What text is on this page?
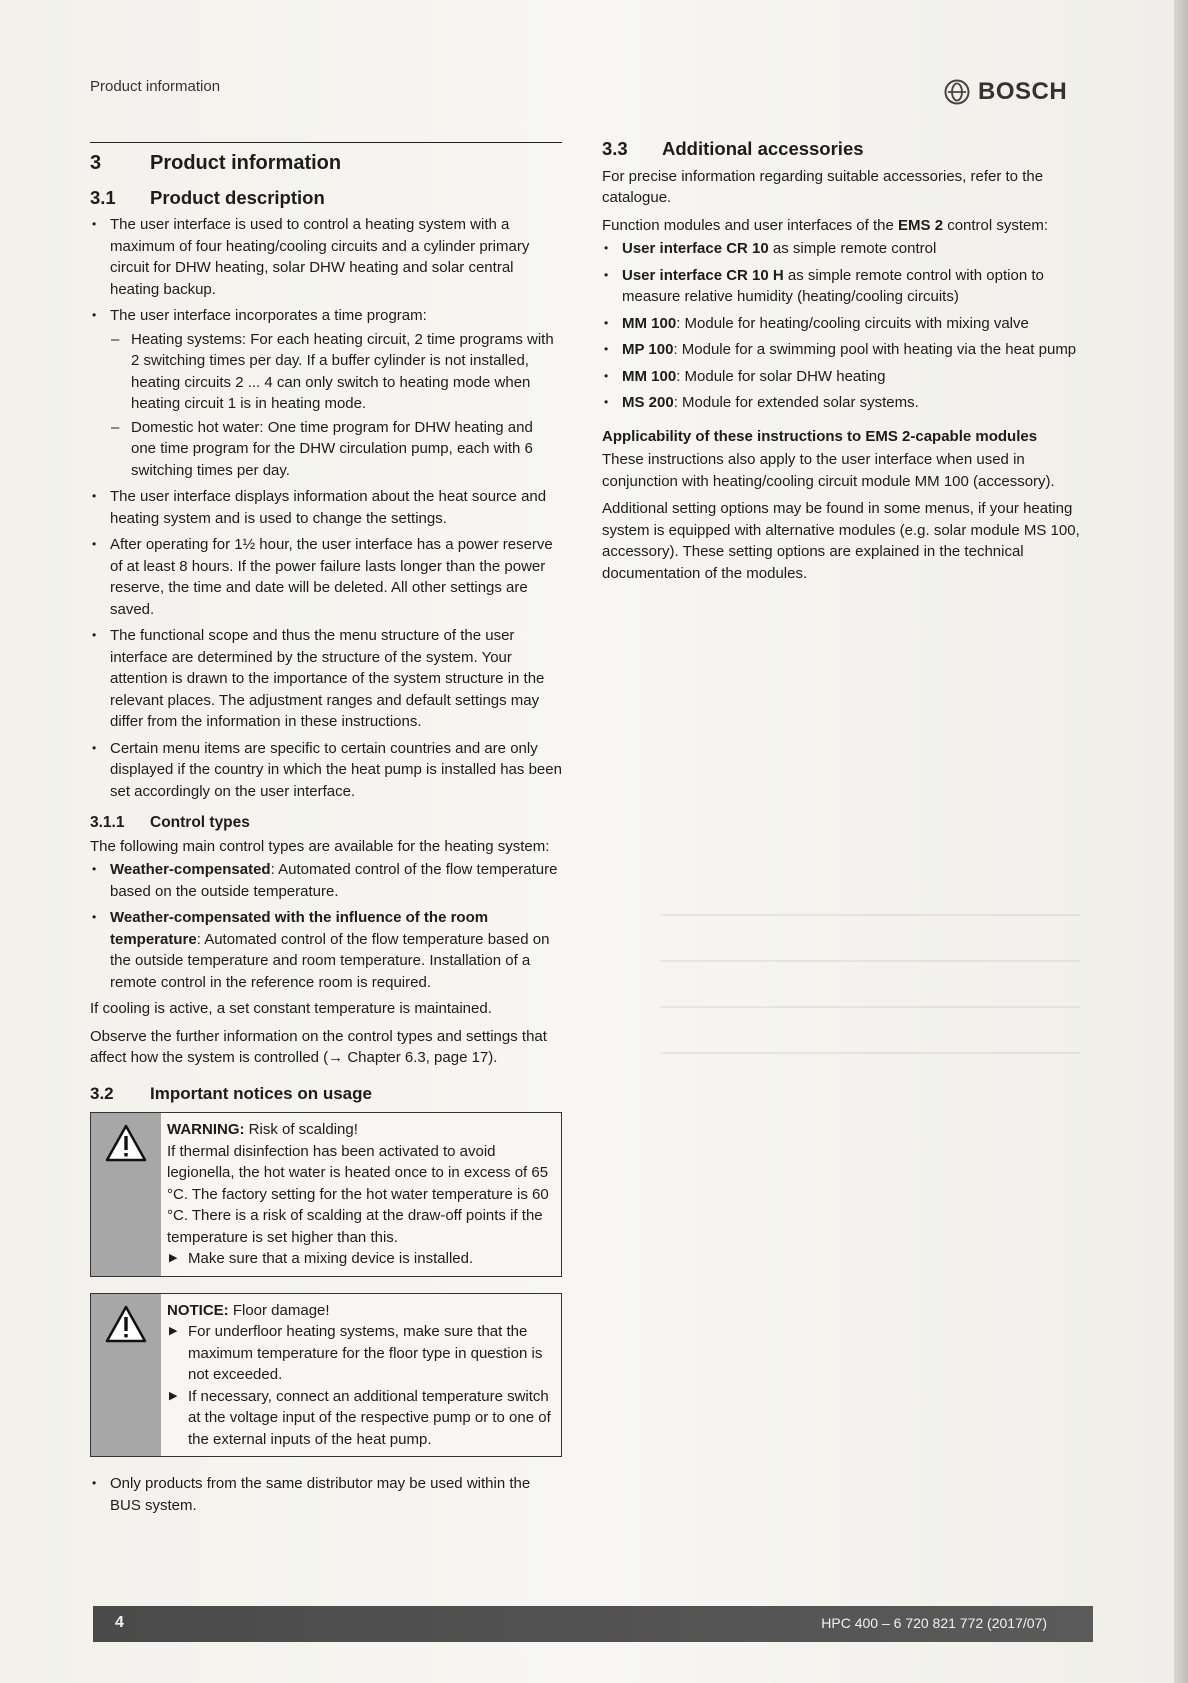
Product information	BOSCH
3	Product information
3.1	Product description
• The user interface is used to control a heating system with a maximum of four heating/cooling circuits and a cylinder primary circuit for DHW heating, solar DHW heating and solar central heating backup.
• The user interface incorporates a time program:
– Heating systems: For each heating circuit, 2 time programs with 2 switching times per day. If a buffer cylinder is not installed, heating circuits 2 ... 4 can only switch to heating mode when heating circuit 1 is in heating mode.
– Domestic hot water: One time program for DHW heating and one time program for the DHW circulation pump, each with 6 switching times per day.
• The user interface displays information about the heat source and heating system and is used to change the settings.
• After operating for 1½ hour, the user interface has a power reserve of at least 8 hours. If the power failure lasts longer than the power reserve, the time and date will be deleted. All other settings are saved.
• The functional scope and thus the menu structure of the user interface are determined by the structure of the system. Your attention is drawn to the importance of the system structure in the relevant places. The adjustment ranges and default settings may differ from the information in these instructions.
• Certain menu items are specific to certain countries and are only displayed if the country in which the heat pump is installed has been set accordingly on the user interface.
3.1.1	Control types
The following main control types are available for the heating system:
• Weather-compensated: Automated control of the flow temperature based on the outside temperature.
• Weather-compensated with the influence of the room temperature: Automated control of the flow temperature based on the outside temperature and room temperature. Installation of a remote control in the reference room is required.
If cooling is active, a set constant temperature is maintained.
Observe the further information on the control types and settings that affect how the system is controlled (→ Chapter 6.3, page 17).
3.2	Important notices on usage
WARNING: Risk of scalding!
If thermal disinfection has been activated to avoid legionella, the hot water is heated once to in excess of 65 °C. The factory setting for the hot water temperature is 60 °C. There is a risk of scalding at the draw-off points if the temperature is set higher than this.
▶ Make sure that a mixing device is installed.
NOTICE: Floor damage!
▶ For underfloor heating systems, make sure that the maximum temperature for the floor type in question is not exceeded.
▶ If necessary, connect an additional temperature switch at the voltage input of the respective pump or to one of the external inputs of the heat pump.
• Only products from the same distributor may be used within the BUS system.
3.3	Additional accessories
For precise information regarding suitable accessories, refer to the catalogue.
Function modules and user interfaces of the EMS 2 control system:
• User interface CR 10 as simple remote control
• User interface CR 10 H as simple remote control with option to measure relative humidity (heating/cooling circuits)
• MM 100: Module for heating/cooling circuits with mixing valve
• MP 100: Module for a swimming pool with heating via the heat pump
• MM 100: Module for solar DHW heating
• MS 200: Module for extended solar systems.
Applicability of these instructions to EMS 2-capable modules
These instructions also apply to the user interface when used in conjunction with heating/cooling circuit module MM 100 (accessory).
Additional setting options may be found in some menus, if your heating system is equipped with alternative modules (e.g. solar module MS 100, accessory). These setting options are explained in the technical documentation of the modules.
4	HPC 400 – 6 720 821 772 (2017/07)
